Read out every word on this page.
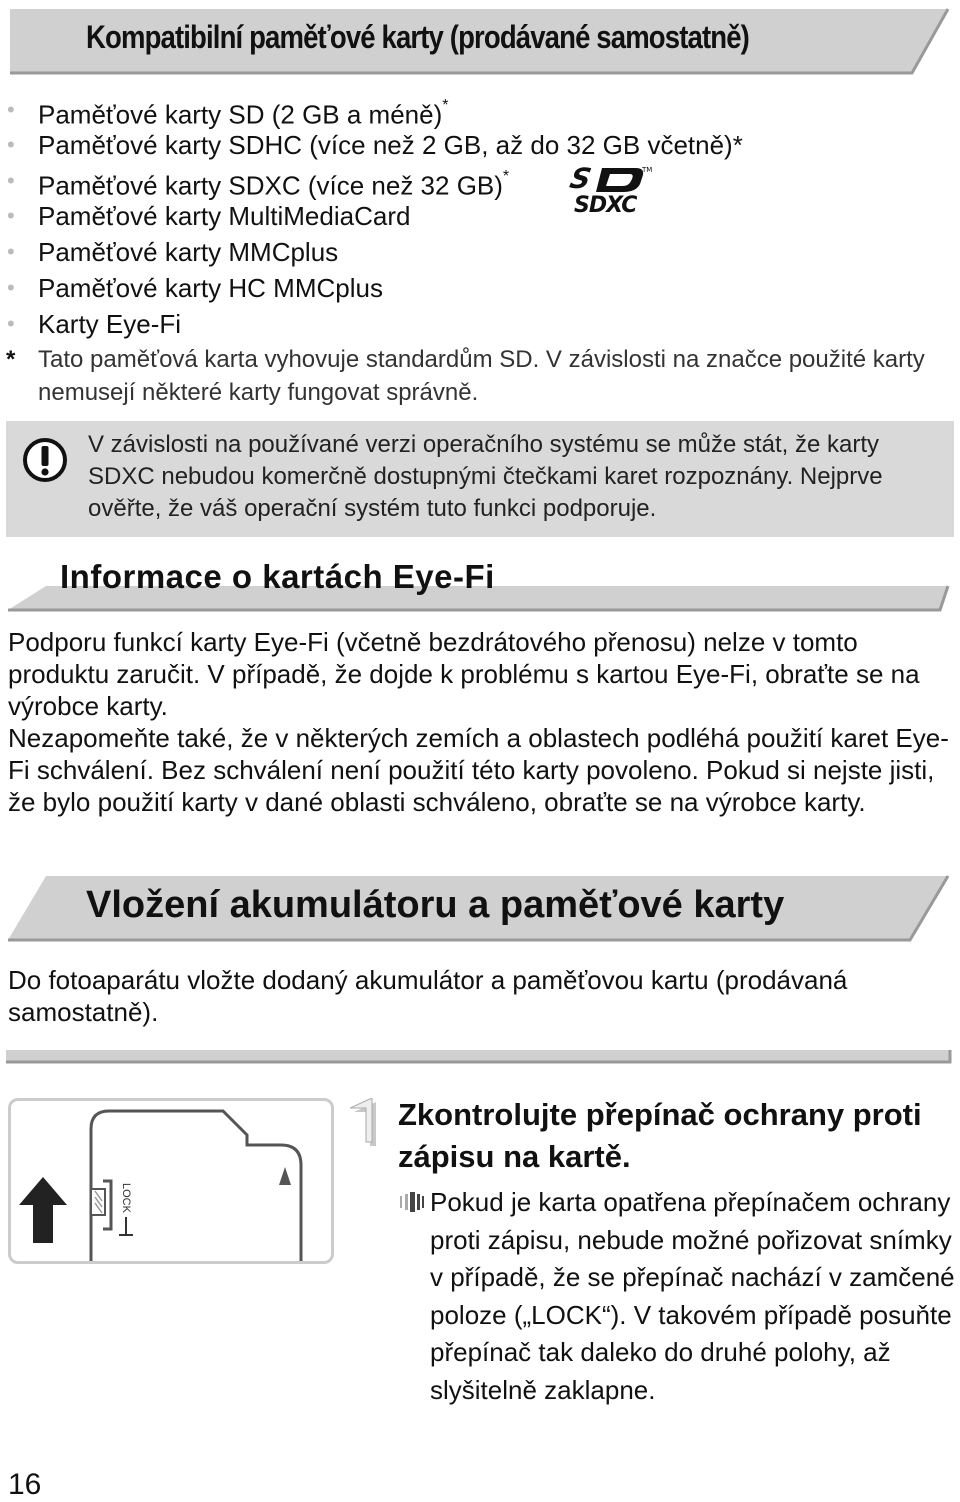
Kompatibilní paměťové karty (prodávané samostatně)
• Paměťové karty SD (2 GB a méně)*
• Paměťové karty SDHC (více než 2 GB, až do 32 GB včetně)*
• Paměťové karty SDXC (více než 32 GB)*
• Paměťové karty MultiMediaCard
• Paměťové karty MMCplus
• Paměťové karty HC MMCplus
• Karty Eye-Fi
S	TM
SDXC
* Tato paměťová karta vyhovuje standardům SD. V závislosti na značce použité karty nemusejí některé karty fungovat správně.
V závislosti na používané verzi operačního systému se může stát, že karty SDXC nebudou komerčně dostupnými čtečkami karet rozpoznány. Nejprve ověřte, že váš operační systém tuto funkci podporuje.
Informace o kartách Eye-Fi
Podporu funkcí karty Eye-Fi (včetně bezdrátového přenosu) nelze v tomto produktu zaručit. V případě, že dojde k problému s kartou Eye-Fi, obraťte se na výrobce karty.
Nezapomeňte také, že v některých zemích a oblastech podléhá použití karet Eye-Fi schválení. Bez schválení není použití této karty povoleno. Pokud si nejste jisti, že bylo použití karty v dané oblasti schváleno, obraťte se na výrobce karty.
Vložení akumulátoru a paměťové karty
Do fotoaparátu vložte dodaný akumulátor a paměťovou kartu (prodávaná samostatně).
LOCK
1 Zkontrolujte přepínač ochrany proti zápisu na kartě.
Pokud je karta opatřena přepínačem ochrany proti zápisu, nebude možné pořizovat snímky v případě, že se přepínač nachází v zamčené poloze („LOCK“). V takovém případě posuňte přepínač tak daleko do druhé polohy, až slyšitelně zaklapne.
16
